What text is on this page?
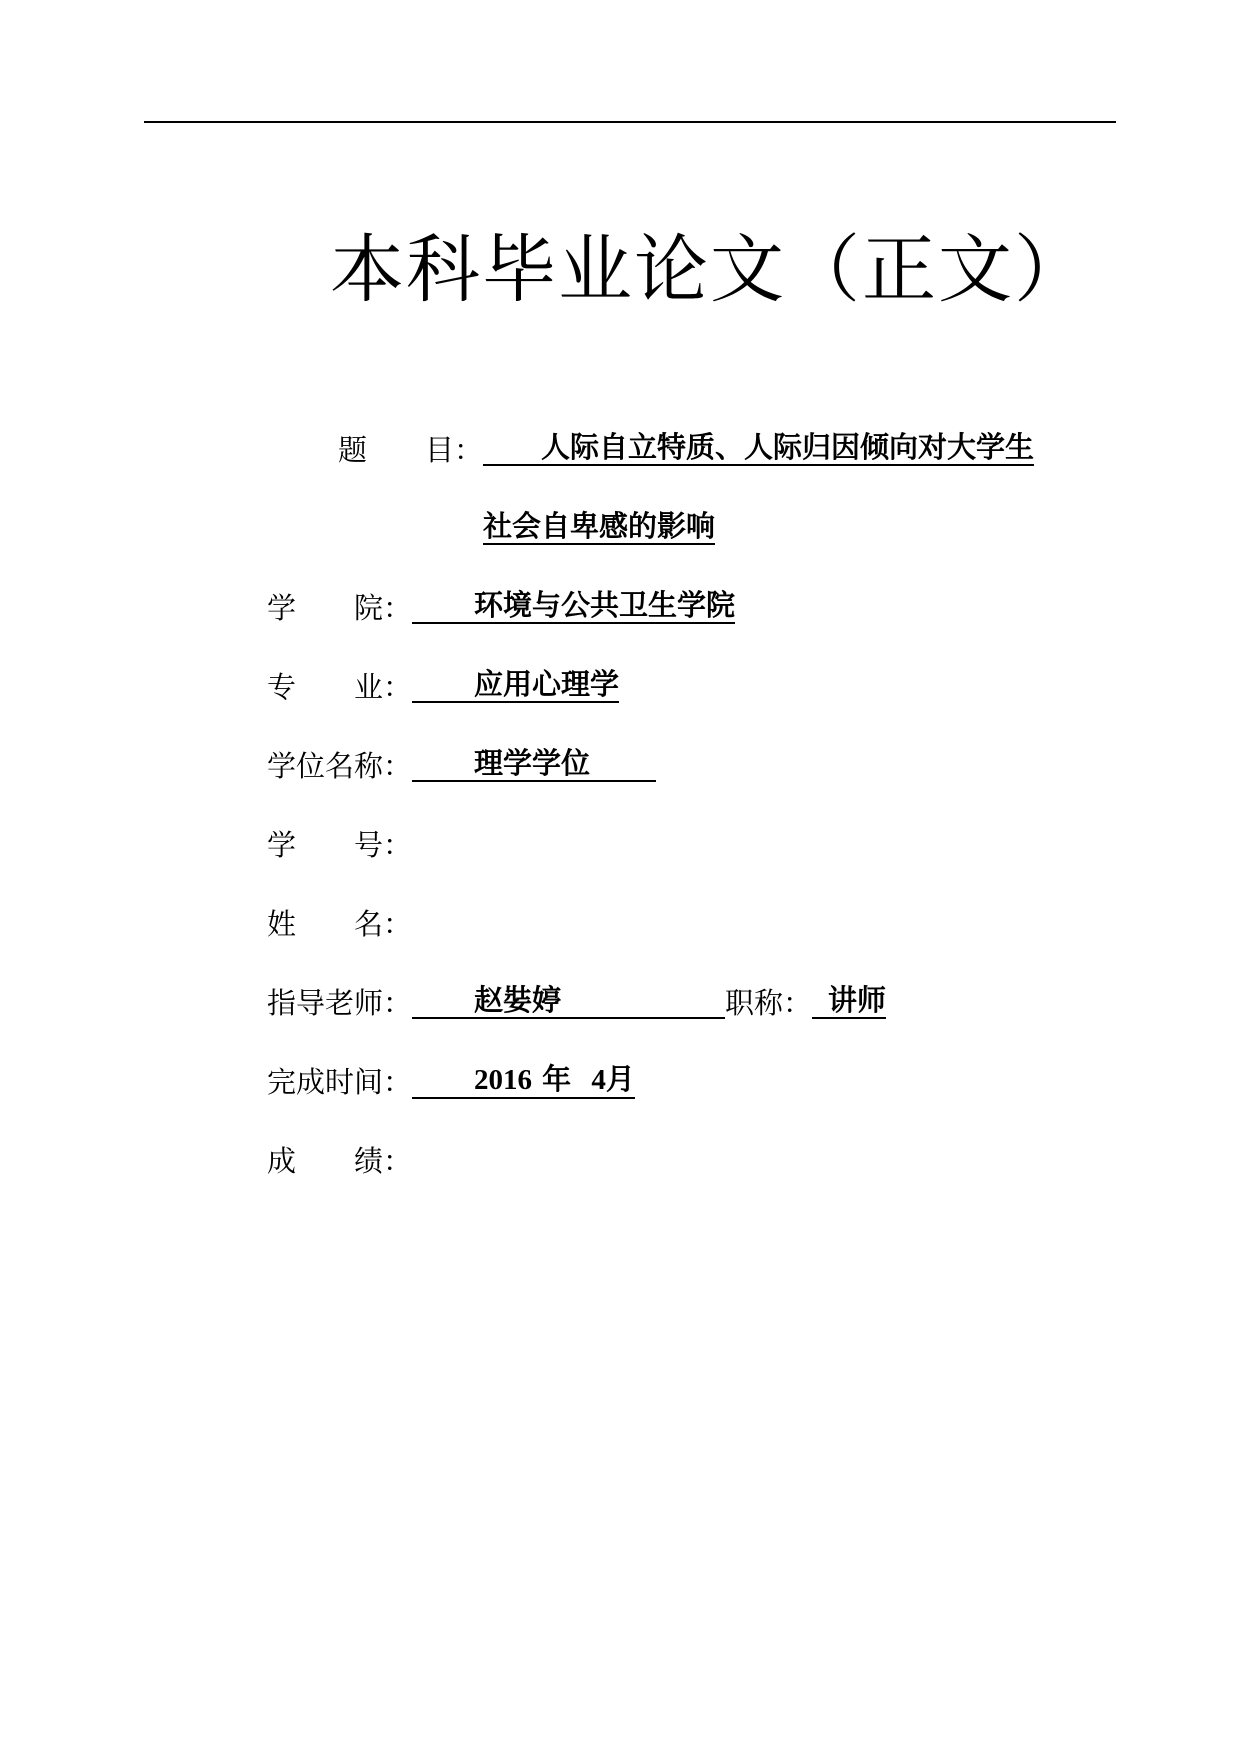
本科毕业论文（正文）
题　　目： 人际自立特质、人际归因倾向对大学生
社会自卑感的影响
学　　院： 环境与公共卫生学院
专　　业： 应用心理学
学位名称： 理学学位
学　　号：
姓　　名：
指导老师： 赵娤婷	职称： 讲师
完成时间： 2016 年 4月
成　　绩：
